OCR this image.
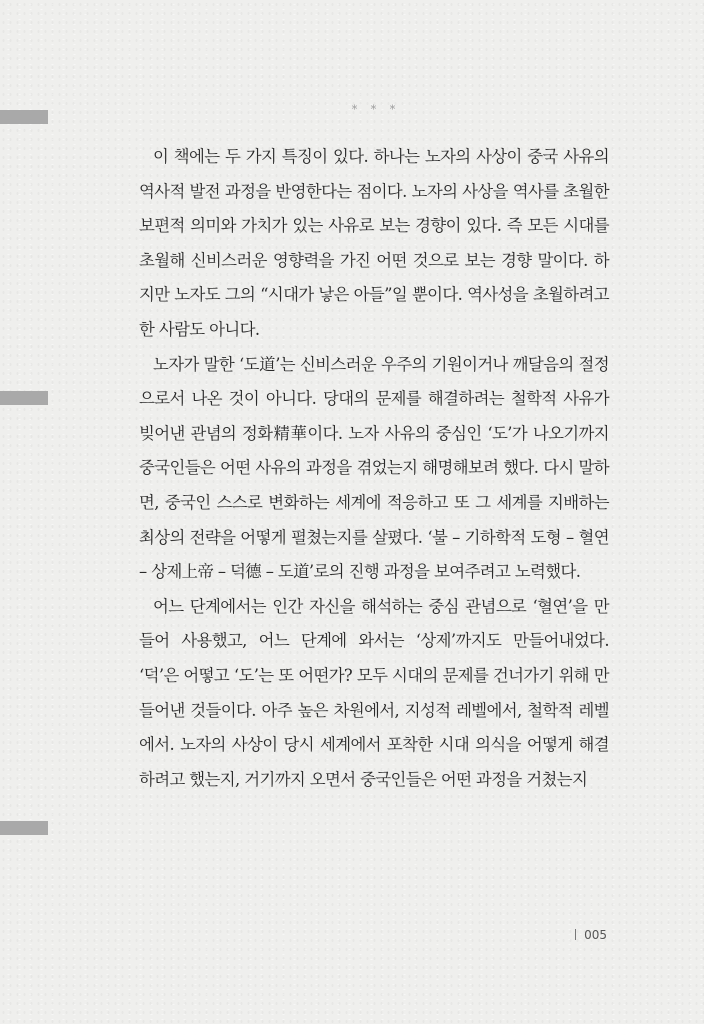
* * *

이 책에는 두 가지 특징이 있다. 하나는 노자의 사상이 중국 사유의 역사적 발전 과정을 반영한다는 점이다. 노자의 사상을 역사를 초월한 보편적 의미와 가치가 있는 사유로 보는 경향이 있다. 즉 모든 시대를 초월해 신비스러운 영향력을 가진 어떤 것으로 보는 경향 말이다. 하지만 노자도 그의 “시대가 낳은 아들”일 뿐이다. 역사성을 초월하려고 한 사람도 아니다.

노자가 말한 ‘도道’는 신비스러운 우주의 기원이거나 깨달음의 절정으로서 나온 것이 아니다. 당대의 문제를 해결하려는 철학적 사유가 빚어낸 관념의 정화精華이다. 노자 사유의 중심인 ‘도’가 나오기까지 중국인들은 어떤 사유의 과정을 겪었는지 해명해보려 했다. 다시 말하면, 중국인 스스로 변화하는 세계에 적응하고 또 그 세계를 지배하는 최상의 전략을 어떻게 펼쳤는지를 살폈다. ‘불 – 기하학적 도형 – 혈연 – 상제上帝 – 덕德 – 도道’로의 진행 과정을 보여주려고 노력했다.

어느 단계에서는 인간 자신을 해석하는 중심 관념으로 ‘혈연’을 만들어 사용했고, 어느 단계에 와서는 ‘상제’까지도 만들어내었다. ‘덕’은 어떻고 ‘도’는 또 어떤가? 모두 시대의 문제를 건너가기 위해 만들어낸 것들이다. 아주 높은 차원에서, 지성적 레벨에서, 철학적 레벨에서. 노자의 사상이 당시 세계에서 포착한 시대 의식을 어떻게 해결하려고 했는지, 거기까지 오면서 중국인들은 어떤 과정을 거쳤는지

005
